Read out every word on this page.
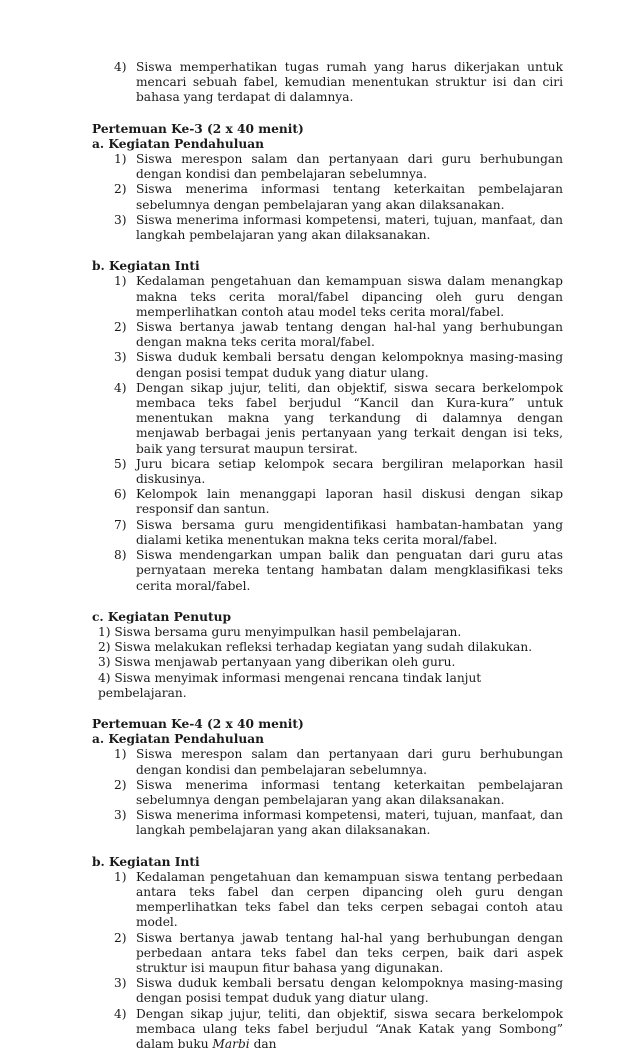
4) Siswa memperhatikan tugas rumah yang harus dikerjakan untuk mencari sebuah fabel, kemudian menentukan struktur isi dan ciri bahasa yang terdapat di dalamnya.

Pertemuan Ke-3 (2 x 40 menit)

a. Kegiatan Pendahuluan

1) Siswa merespon salam dan pertanyaan dari guru berhubungan dengan kondisi dan pembelajaran sebelumnya.
2) Siswa menerima informasi tentang keterkaitan pembelajaran sebelumnya dengan pembelajaran yang akan dilaksanakan.
3) Siswa menerima informasi kompetensi, materi, tujuan, manfaat, dan langkah pembelajaran yang akan dilaksanakan.

b. Kegiatan Inti

1) Kedalaman pengetahuan dan kemampuan siswa dalam menangkap makna teks cerita moral/fabel dipancing oleh guru dengan memperlihatkan contoh atau model teks cerita moral/fabel.
2) Siswa bertanya jawab tentang dengan hal-hal yang berhubungan dengan makna teks cerita moral/fabel.
3) Siswa duduk kembali bersatu dengan kelompoknya masing-masing dengan posisi tempat duduk yang diatur ulang.
4) Dengan sikap jujur, teliti, dan objektif, siswa secara berkelompok membaca teks fabel berjudul “Kancil dan Kura-kura” untuk menentukan makna yang terkandung di dalamnya dengan menjawab berbagai jenis pertanyaan yang terkait dengan isi teks, baik yang tersurat maupun tersirat.
5) Juru bicara setiap kelompok secara bergiliran melaporkan hasil diskusinya.
6) Kelompok lain menanggapi laporan hasil diskusi dengan sikap responsif dan santun.
7) Siswa bersama guru mengidentifikasi hambatan-hambatan yang dialami ketika menentukan makna teks cerita moral/fabel.
8) Siswa mendengarkan umpan balik dan penguatan dari guru atas pernyataan mereka tentang hambatan dalam mengklasifikasi teks cerita moral/fabel.

c. Kegiatan Penutup

1) Siswa bersama guru menyimpulkan hasil pembelajaran.
2) Siswa melakukan refleksi terhadap kegiatan yang sudah dilakukan.
3) Siswa menjawab pertanyaan yang diberikan oleh guru.
4) Siswa menyimak informasi mengenai rencana tindak lanjut pembelajaran.

Pertemuan Ke-4 (2 x 40 menit)

a. Kegiatan Pendahuluan

1) Siswa merespon salam dan pertanyaan dari guru berhubungan dengan kondisi dan pembelajaran sebelumnya.
2) Siswa menerima informasi tentang keterkaitan pembelajaran sebelumnya dengan pembelajaran yang akan dilaksanakan.
3) Siswa menerima informasi kompetensi, materi, tujuan, manfaat, dan langkah pembelajaran yang akan dilaksanakan.

b. Kegiatan Inti

1) Kedalaman pengetahuan dan kemampuan siswa tentang perbedaan antara teks fabel dan cerpen dipancing oleh guru dengan memperlihatkan teks fabel dan teks cerpen sebagai contoh atau model.
2) Siswa bertanya jawab tentang hal-hal yang berhubungan dengan perbedaan antara teks fabel dan teks cerpen, baik dari aspek struktur isi maupun fitur bahasa yang digunakan.
3) Siswa duduk kembali bersatu dengan kelompoknya masing-masing dengan posisi tempat duduk yang diatur ulang.
4) Dengan sikap jujur, teliti, dan objektif, siswa secara berkelompok membaca ulang teks fabel berjudul “Anak Katak yang Sombong” dalam buku Marbi dan
